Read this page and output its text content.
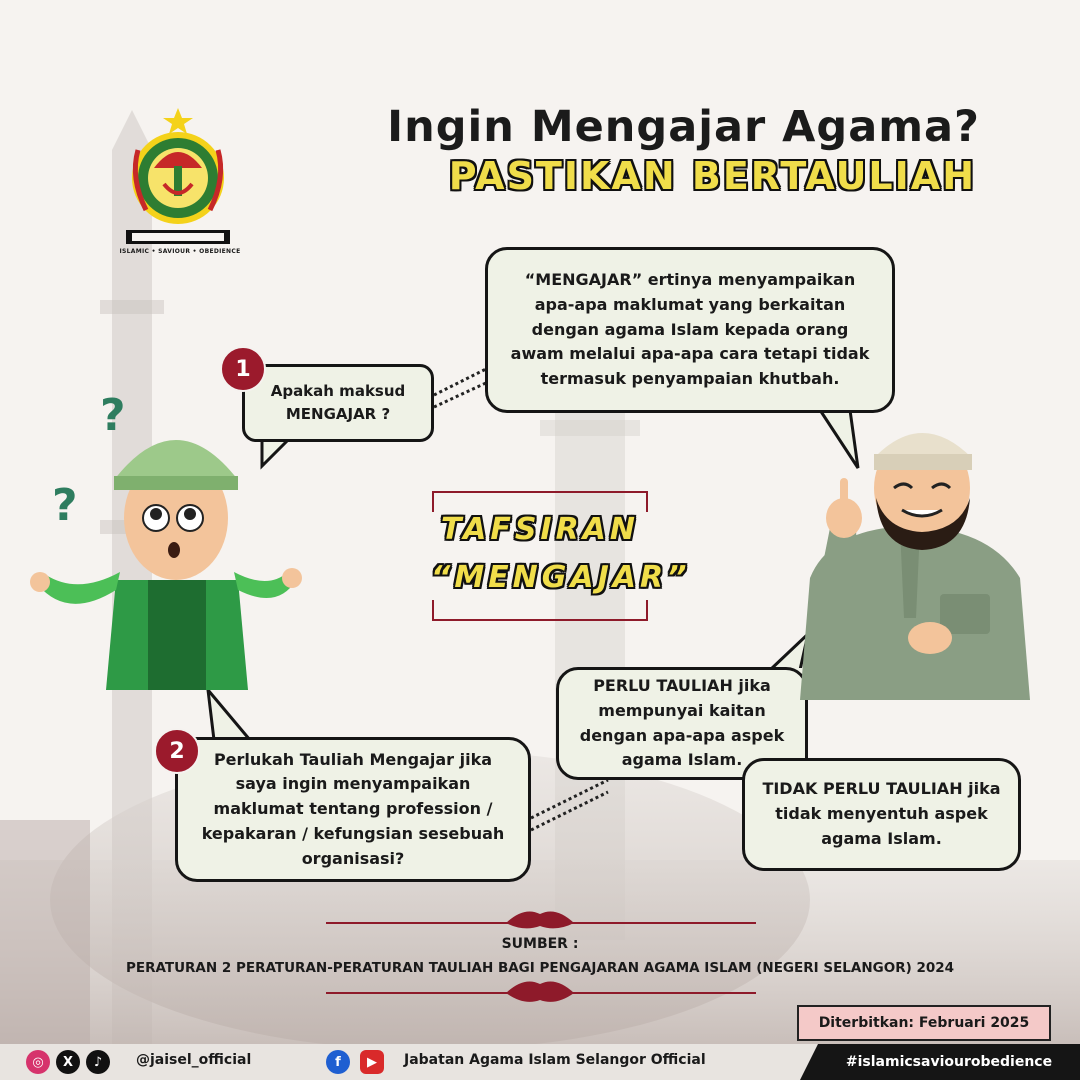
ISLAMIC • SAVIOUR • OBEDIENCE
Ingin Mengajar Agama?
PASTIKAN BERTAULIAH
Apakah maksud MENGAJAR ?
1
“MENGAJAR” ertinya menyampaikan apa-apa maklumat yang berkaitan dengan agama Islam kepada orang awam melalui apa-apa cara tetapi tidak termasuk penyampaian khutbah.
Perlukah Tauliah Mengajar jika saya ingin menyampaikan maklumat tentang profession / kepakaran / kefungsian sesebuah organisasi?
2
PERLU TAULIAH jika mempunyai kaitan dengan apa-apa aspek agama Islam.
TIDAK PERLU TAULIAH jika tidak menyentuh aspek agama Islam.
?
?	TAFSIRAN
“MENGAJAR”
SUMBER :
PERATURAN 2 PERATURAN-PERATURAN TAULIAH BAGI PENGAJARAN AGAMA ISLAM (NEGERI SELANGOR) 2024
Diterbitkan: Februari 2025
◎	X	♪	@jaisel_official	f	▶	Jabatan Agama Islam Selangor Official	#islamicsaviourobedience
